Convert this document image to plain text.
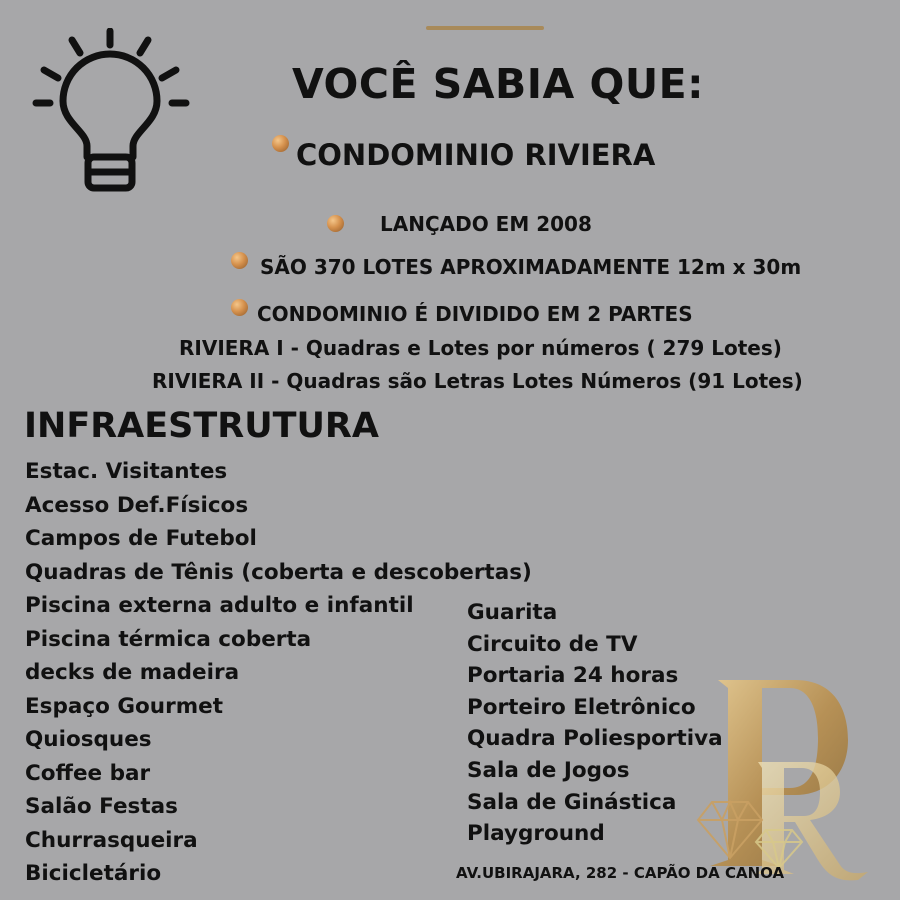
VOCÊ SABIA QUE:
CONDOMINIO RIVIERA
LANÇADO EM 2008
SÃO 370 LOTES APROXIMADAMENTE 12m x 30m
CONDOMINIO É DIVIDIDO EM 2 PARTES
RIVIERA I - Quadras e Lotes por números ( 279 Lotes)
RIVIERA II - Quadras são Letras Lotes Números (91 Lotes)
INFRAESTRUTURA
Estac. Visitantes
Acesso Def.Físicos
Campos de Futebol
Quadras de Tênis (coberta e descobertas)
Piscina externa adulto e infantil
Piscina térmica coberta
decks de madeira
Espaço Gourmet
Quiosques
Coffee bar
Salão Festas
Churrasqueira
Bicicletário
Guarita
Circuito de TV
Portaria 24 horas
Porteiro Eletrônico
Quadra Poliesportiva
Sala de Jogos
Sala de Ginástica
Playground
AV.UBIRAJARA, 282 - CAPÃO DA CANOA
